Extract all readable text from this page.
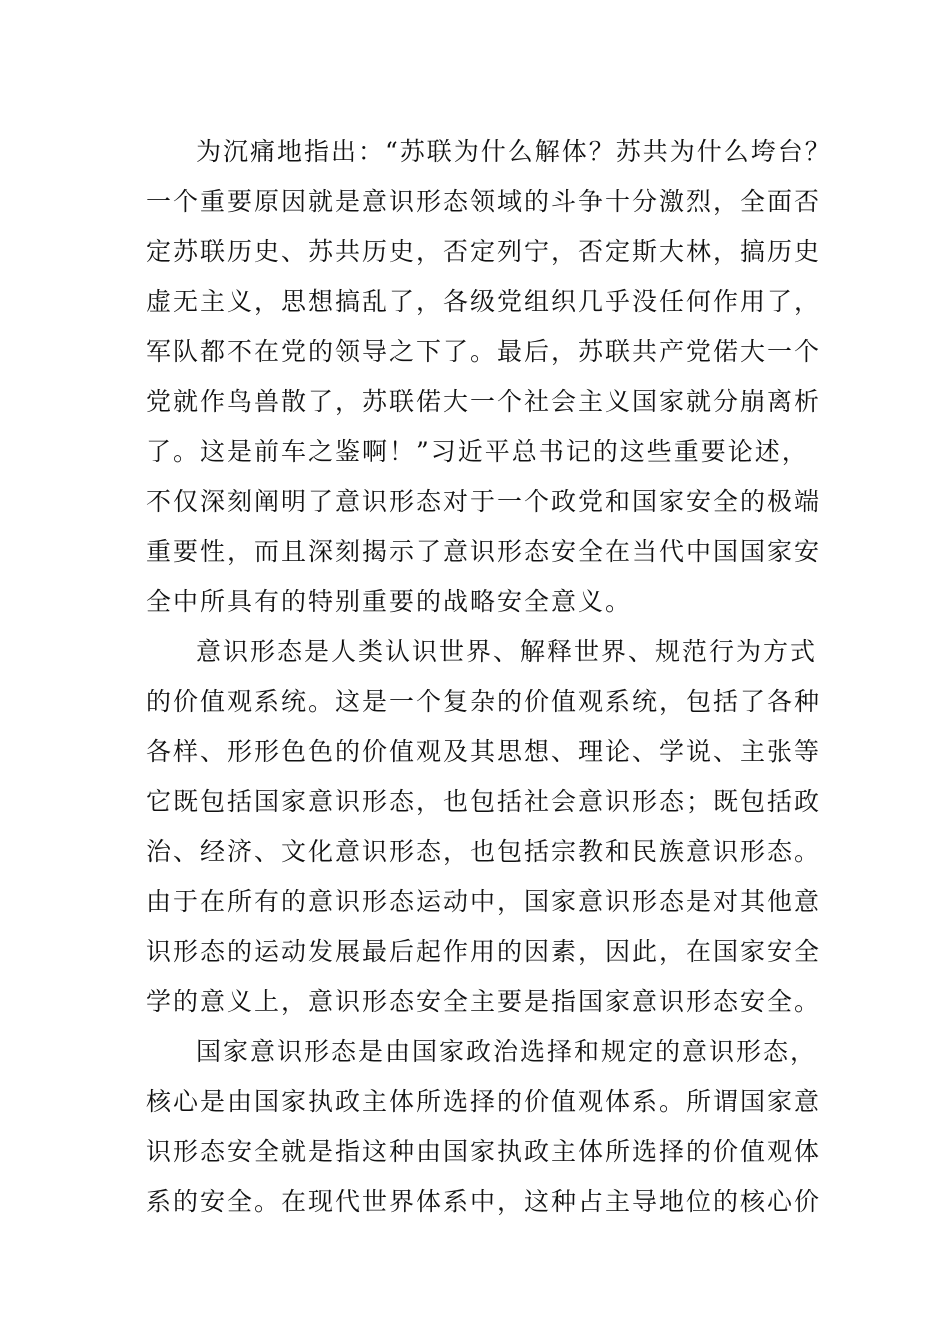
为沉痛地指出：“苏联为什么解体？苏共为什么垮台？
一个重要原因就是意识形态领域的斗争十分激烈，全面否
定苏联历史、苏共历史，否定列宁，否定斯大林，搞历史
虚无主义，思想搞乱了，各级党组织几乎没任何作用了，
军队都不在党的领导之下了。最后，苏联共产党偌大一个
党就作鸟兽散了，苏联偌大一个社会主义国家就分崩离析
了。这是前车之鉴啊！”习近平总书记的这些重要论述，
不仅深刻阐明了意识形态对于一个政党和国家安全的极端
重要性，而且深刻揭示了意识形态安全在当代中国国家安
全中所具有的特别重要的战略安全意义。
意识形态是人类认识世界、解释世界、规范行为方式
的价值观系统。这是一个复杂的价值观系统，包括了各种
各样、形形色色的价值观及其思想、理论、学说、主张等
它既包括国家意识形态，也包括社会意识形态；既包括政
治、经济、文化意识形态，也包括宗教和民族意识形态。
由于在所有的意识形态运动中，国家意识形态是对其他意
识形态的运动发展最后起作用的因素，因此，在国家安全
学的意义上，意识形态安全主要是指国家意识形态安全。
国家意识形态是由国家政治选择和规定的意识形态，
核心是由国家执政主体所选择的价值观体系。所谓国家意
识形态安全就是指这种由国家执政主体所选择的价值观体
系的安全。在现代世界体系中，这种占主导地位的核心价
